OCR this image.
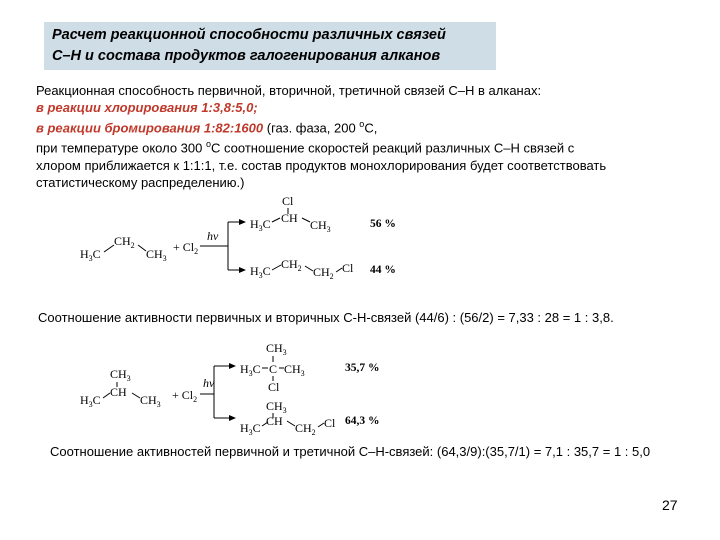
Расчет реакционной способности различных связей
С–Н и состава продуктов галогенирования алканов
Реакционная способность первичной, вторичной, третичной связей С–Н в алканах:
в реакции хлорирования 1:3,8:5,0;
в реакции бромирования 1:82:1600 (газ. фаза, 200 $^о$С,
при температуре около 300 $^о$С соотношение скоростей реакций различных С–Н связей с
хлором приближается к 1:1:1, т.е. состав продуктов монохлорирования будет соответствовать
статистическому распределению.)
$H_3C$
$CH_2$
$CH_3$
+ $Cl_2$
hν
Cl
$H_3C$ CH $CH_3$	56 %
$H_3C$ $CH_2$ $CH_2$
Cl 44 %
$CH_3$
$H_3C$
CH
$CH_3$
+ $Cl_2$
hν
$CH_3$
$H_3C$ C $CH_3$
Cl
35,7 %
$CH_3$
$H_3C$ CH $CH_2$
Cl 64,3 %
Соотношение активности первичных и вторичных С-Н-связей (44/6) : (56/2) = 7,33 : 28 = 1 : 3,8.
Соотношение активностей первичной и третичной С–Н-связей: (64,3/9):(35,7/1) = 7,1 : 35,7 = 1 : 5,0
27
